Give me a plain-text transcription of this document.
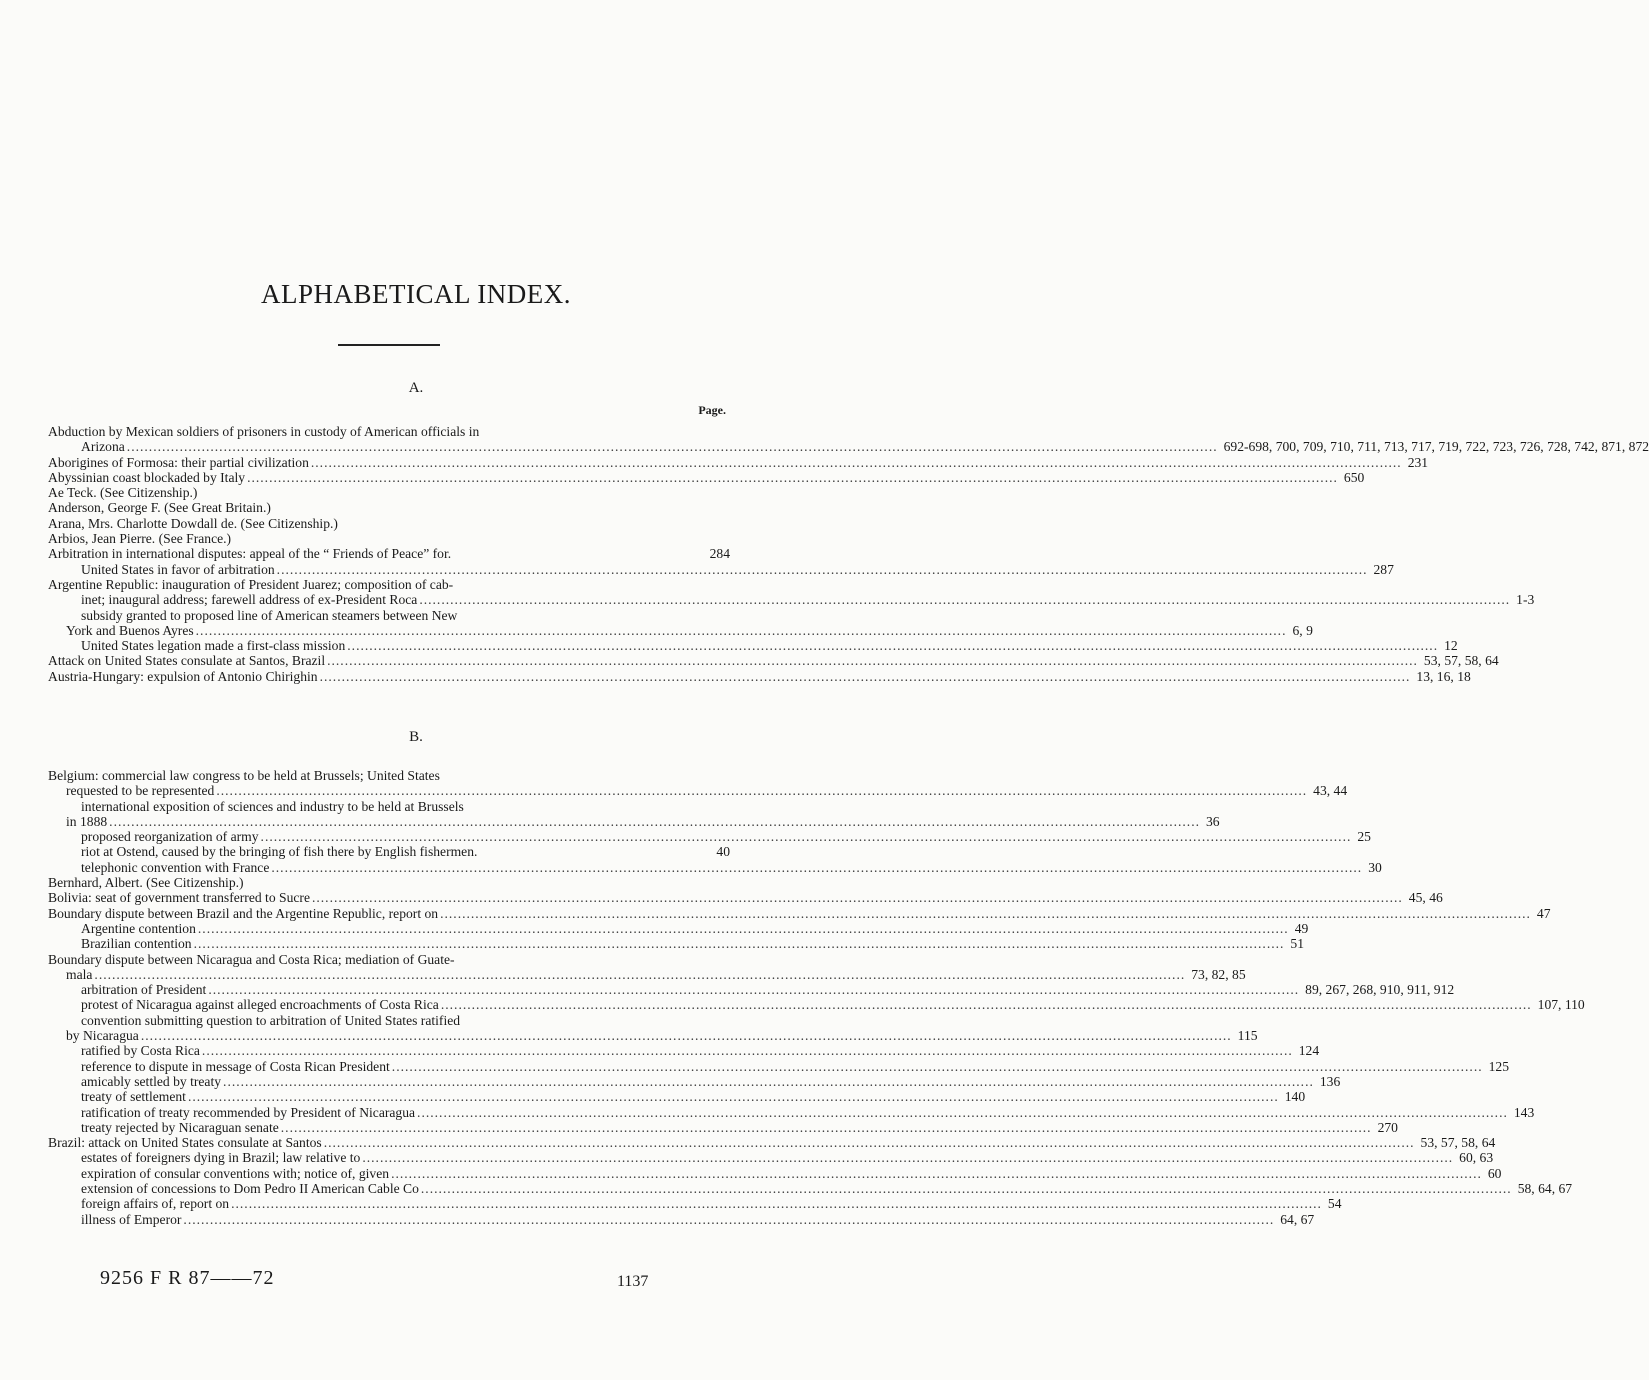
ALPHABETICAL INDEX.
A.
Page.
Abduction by Mexican soldiers of prisoners in custody of American officials in
Arizona .....	692-698, 700, 709, 710, 711, 713, 717, 719, 722, 723, 726, 728, 742, 871, 872
Aborigines of Formosa: their partial civilization .....	231
Abyssinian coast blockaded by Italy .....	650
Ae Teck. (See Citizenship.)
Anderson, George F. (See Great Britain.)
Arana, Mrs. Charlotte Dowdall de. (See Citizenship.)
Arbios, Jean Pierre. (See France.)
Arbitration in international disputes: appeal of the “ Friends of Peace” for.	284
United States in favor of arbitration .....	287
Argentine Republic: inauguration of President Juarez; composition of cab-
inet; inaugural address; farewell address of ex-President Roca .....	1-3
subsidy granted to proposed line of American steamers between New
York and Buenos Ayres .....	6, 9
United States legation made a first-class mission .....	12
Attack on United States consulate at Santos, Brazil .....	53, 57, 58, 64
Austria-Hungary: expulsion of Antonio Chirighin .....	13, 16, 18
B.
Belgium: commercial law congress to be held at Brussels; United States
requested to be represented .....	43, 44
international exposition of sciences and industry to be held at Brussels
in 1888 .....	36
proposed reorganization of army .....	25
riot at Ostend, caused by the bringing of fish there by English fishermen.	40
telephonic convention with France .....	30
Bernhard, Albert. (See Citizenship.)
Bolivia: seat of government transferred to Sucre .....	45, 46
Boundary dispute between Brazil and the Argentine Republic, report on .....	47
Argentine contention .....	49
Brazilian contention .....	51
Boundary dispute between Nicaragua and Costa Rica; mediation of Guate-
mala .....	73, 82, 85
arbitration of President .....	89, 267, 268, 910, 911, 912
protest of Nicaragua against alleged encroachments of Costa Rica .....	107, 110
convention submitting question to arbitration of United States ratified
by Nicaragua .....	115
ratified by Costa Rica .....	124
reference to dispute in message of Costa Rican President .....	125
amicably settled by treaty .....	136
treaty of settlement .....	140
ratification of treaty recommended by President of Nicaragua .....	143
treaty rejected by Nicaraguan senate .....	270
Brazil: attack on United States consulate at Santos .....	53, 57, 58, 64
estates of foreigners dying in Brazil; law relative to .....	60, 63
expiration of consular conventions with; notice of, given .....	60
extension of concessions to Dom Pedro II American Cable Co .....	58, 64, 67
foreign affairs of, report on .....	54
illness of Emperor .....	64, 67
9256 F R 87——72	1137
